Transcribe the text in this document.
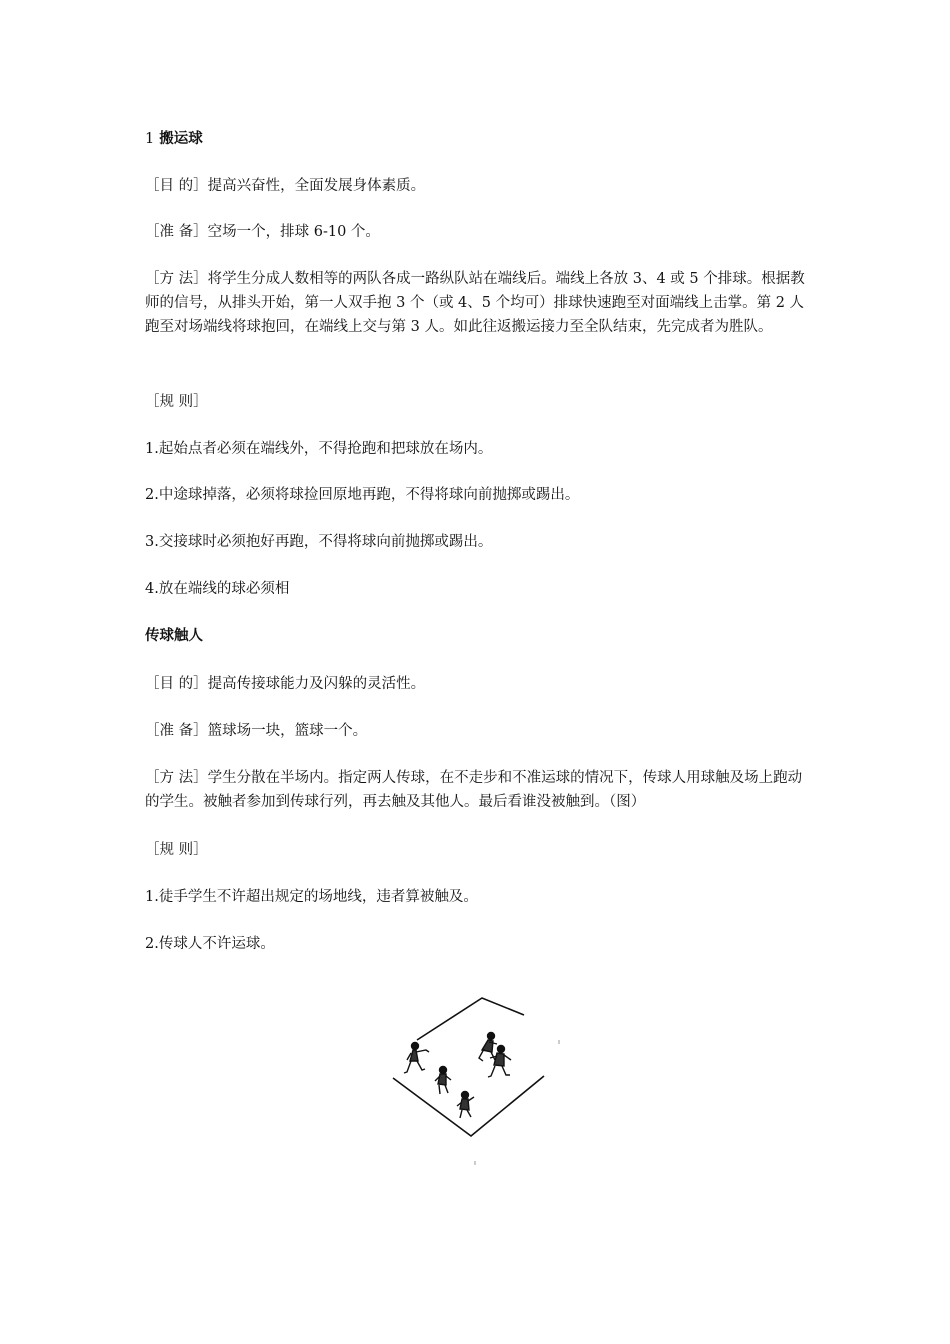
1 搬运球

［目 的］提高兴奋性，全面发展身体素质。

［准 备］空场一个，排球 6-10 个。

［方 法］将学生分成人数相等的两队各成一路纵队站在端线后。端线上各放 3、4 或 5 个排球。根据教师的信号，从排头开始，第一人双手抱 3 个（或 4、5 个均可）排球快速跑至对面端线上击掌。第 2 人跑至对场端线将球抱回，在端线上交与第 3 人。如此往返搬运接力至全队结束，先完成者为胜队。

［规 则］

1.起始点者必须在端线外，不得抢跑和把球放在场内。

2.中途球掉落，必须将球捡回原地再跑，不得将球向前抛掷或踢出。

3.交接球时必须抱好再跑，不得将球向前抛掷或踢出。

4.放在端线的球必须相

传球触人

［目 的］提高传接球能力及闪躲的灵活性。

［准 备］篮球场一块，篮球一个。

［方 法］学生分散在半场内。指定两人传球，在不走步和不准运球的情况下，传球人用球触及场上跑动的学生。被触者参加到传球行列，再去触及其他人。最后看谁没被触到。（图）

［规 则］

1.徒手学生不许超出规定的场地线，违者算被触及。

2.传球人不许运球。
